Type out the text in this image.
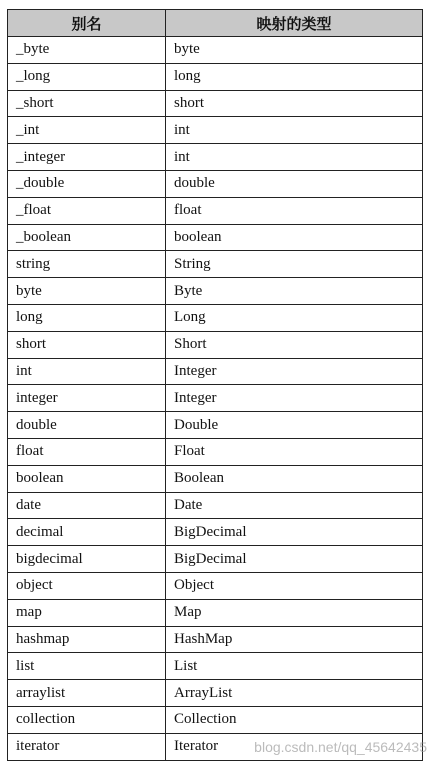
别名	映射的类型
_byte	byte
_long	long
_short	short
_int	int
_integer	int
_double	double
_float	float
_boolean	boolean
string	String
byte	Byte
long	Long
short	Short
int	Integer
integer	Integer
double	Double
float	Float
boolean	Boolean
date	Date
decimal	BigDecimal
bigdecimal	BigDecimal
object	Object
map	Map
hashmap	HashMap
list	List
arraylist	ArrayList
collection	Collection
iterator	Iterator	blog.csdn.net/qq_45642435
